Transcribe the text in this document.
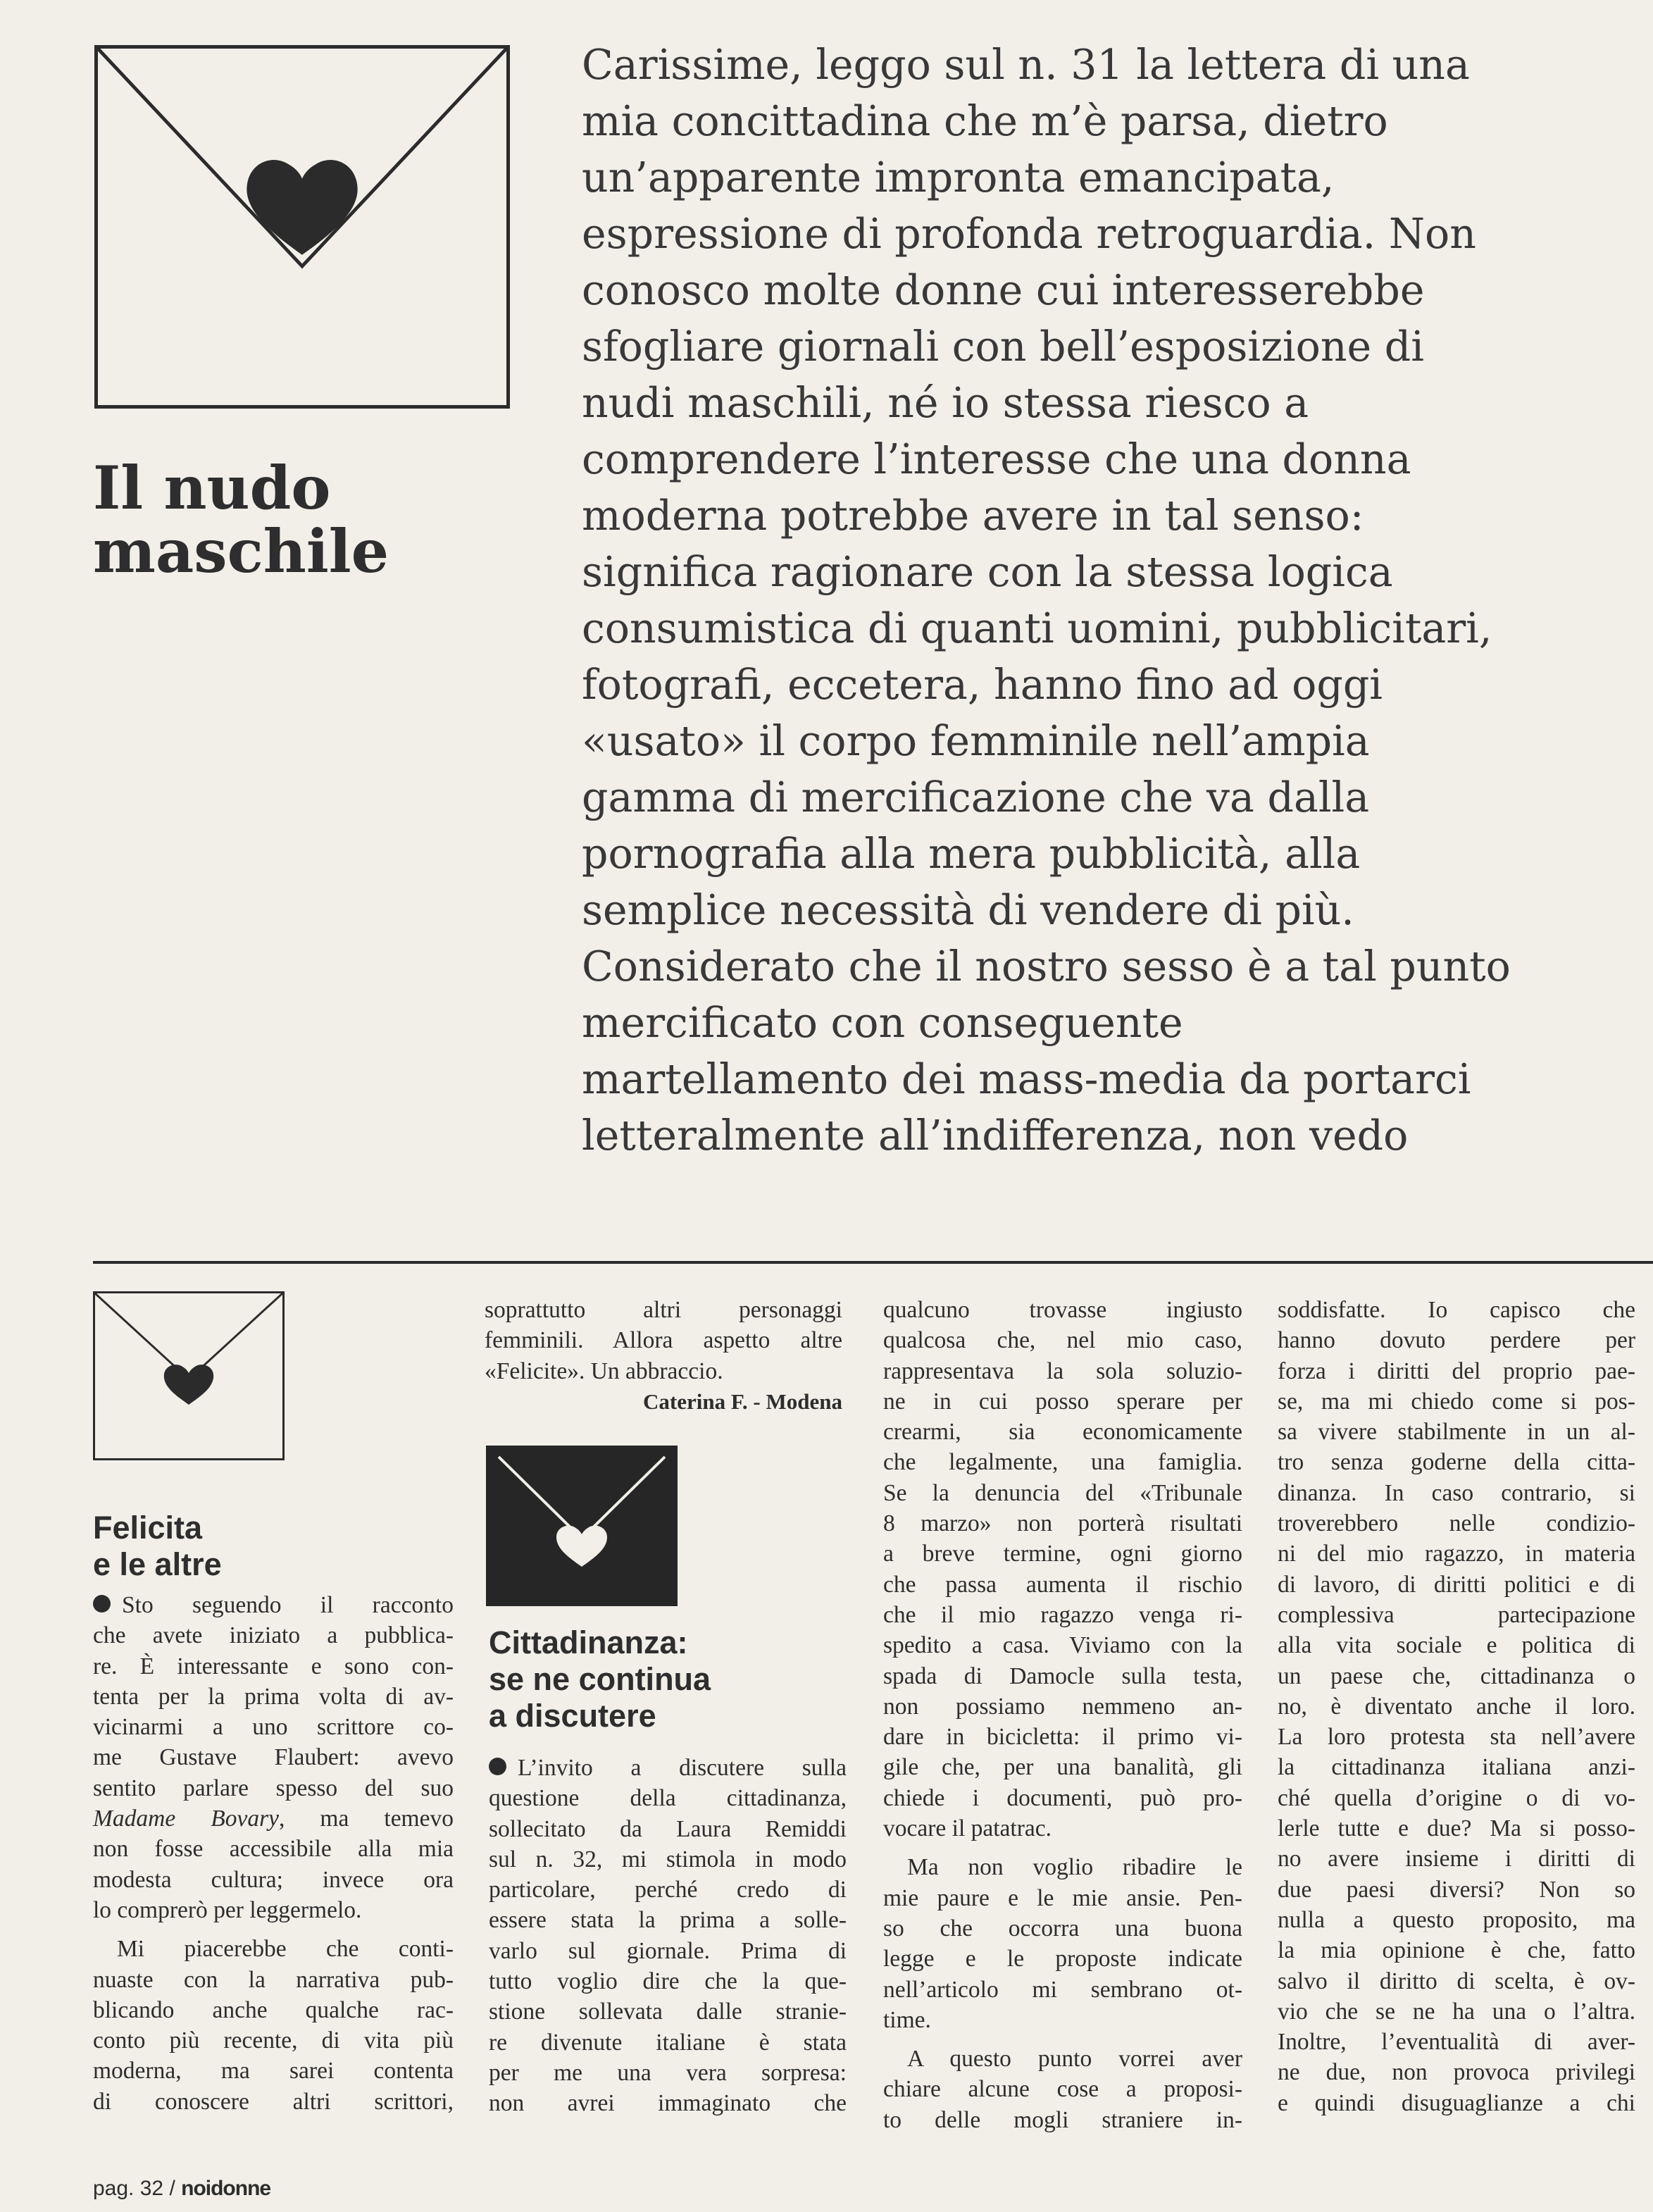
Il nudo
maschile
Carissime, leggo sul n. 31 la lettera di una
mia concittadina che m’è parsa, dietro
un’apparente impronta emancipata,
espressione di profonda retroguardia. Non
conosco molte donne cui interesserebbe
sfogliare giornali con bell’esposizione di
nudi maschili, né io stessa riesco a
comprendere l’interesse che una donna
moderna potrebbe avere in tal senso:
significa ragionare con la stessa logica
consumistica di quanti uomini, pubblicitari,
fotografi, eccetera, hanno fino ad oggi
«usato» il corpo femminile nell’ampia
gamma di mercificazione che va dalla
pornografia alla mera pubblicità, alla
semplice necessità di vendere di più.
Considerato che il nostro sesso è a tal punto
mercificato con conseguente
martellamento dei mass-media da portarci
letteralmente all’indifferenza, non vedo
Felicita
e le altre
Sto seguendo il racconto
che avete iniziato a pubblica-
re. È interessante e sono con-
tenta per la prima volta di av-
vicinarmi a uno scrittore co-
me Gustave Flaubert: avevo
sentito parlare spesso del suo
Madame Bovary, ma temevo
non fosse accessibile alla mia
modesta cultura; invece ora
lo comprerò per leggermelo.
Mi piacerebbe che conti-
nuaste con la narrativa pub-
blicando anche qualche rac-
conto più recente, di vita più
moderna, ma sarei contenta
di conoscere altri scrittori,
soprattutto altri personaggi
femminili. Allora aspetto altre
«Felicite». Un abbraccio.
Caterina F. - Modena
Cittadinanza:
se ne continua
a discutere
L’invito a discutere sulla
questione della cittadinanza,
sollecitato da Laura Remiddi
sul n. 32, mi stimola in modo
particolare, perché credo di
essere stata la prima a solle-
varlo sul giornale. Prima di
tutto voglio dire che la que-
stione sollevata dalle stranie-
re divenute italiane è stata
per me una vera sorpresa:
non avrei immaginato che
qualcuno trovasse ingiusto
qualcosa che, nel mio caso,
rappresentava la sola soluzio-
ne in cui posso sperare per
crearmi, sia economicamente
che legalmente, una famiglia.
Se la denuncia del «Tribunale
8 marzo» non porterà risultati
a breve termine, ogni giorno
che passa aumenta il rischio
che il mio ragazzo venga ri-
spedito a casa. Viviamo con la
spada di Damocle sulla testa,
non possiamo nemmeno an-
dare in bicicletta: il primo vi-
gile che, per una banalità, gli
chiede i documenti, può pro-
vocare il patatrac.
Ma non voglio ribadire le
mie paure e le mie ansie. Pen-
so che occorra una buona
legge e le proposte indicate
nell’articolo mi sembrano ot-
time.
A questo punto vorrei aver
chiare alcune cose a proposi-
to delle mogli straniere in-
soddisfatte. Io capisco che
hanno dovuto perdere per
forza i diritti del proprio pae-
se, ma mi chiedo come si pos-
sa vivere stabilmente in un al-
tro senza goderne della citta-
dinanza. In caso contrario, si
troverebbero nelle condizio-
ni del mio ragazzo, in materia
di lavoro, di diritti politici e di
complessiva partecipazione
alla vita sociale e politica di
un paese che, cittadinanza o
no, è diventato anche il loro.
La loro protesta sta nell’avere
la cittadinanza italiana anzi-
ché quella d’origine o di vo-
lerle tutte e due? Ma si posso-
no avere insieme i diritti di
due paesi diversi? Non so
nulla a questo proposito, ma
la mia opinione è che, fatto
salvo il diritto di scelta, è ov-
vio che se ne ha una o l’altra.
Inoltre, l’eventualità di aver-
ne due, non provoca privilegi
e quindi disuguaglianze a chi
pag. 32 / noidonne
